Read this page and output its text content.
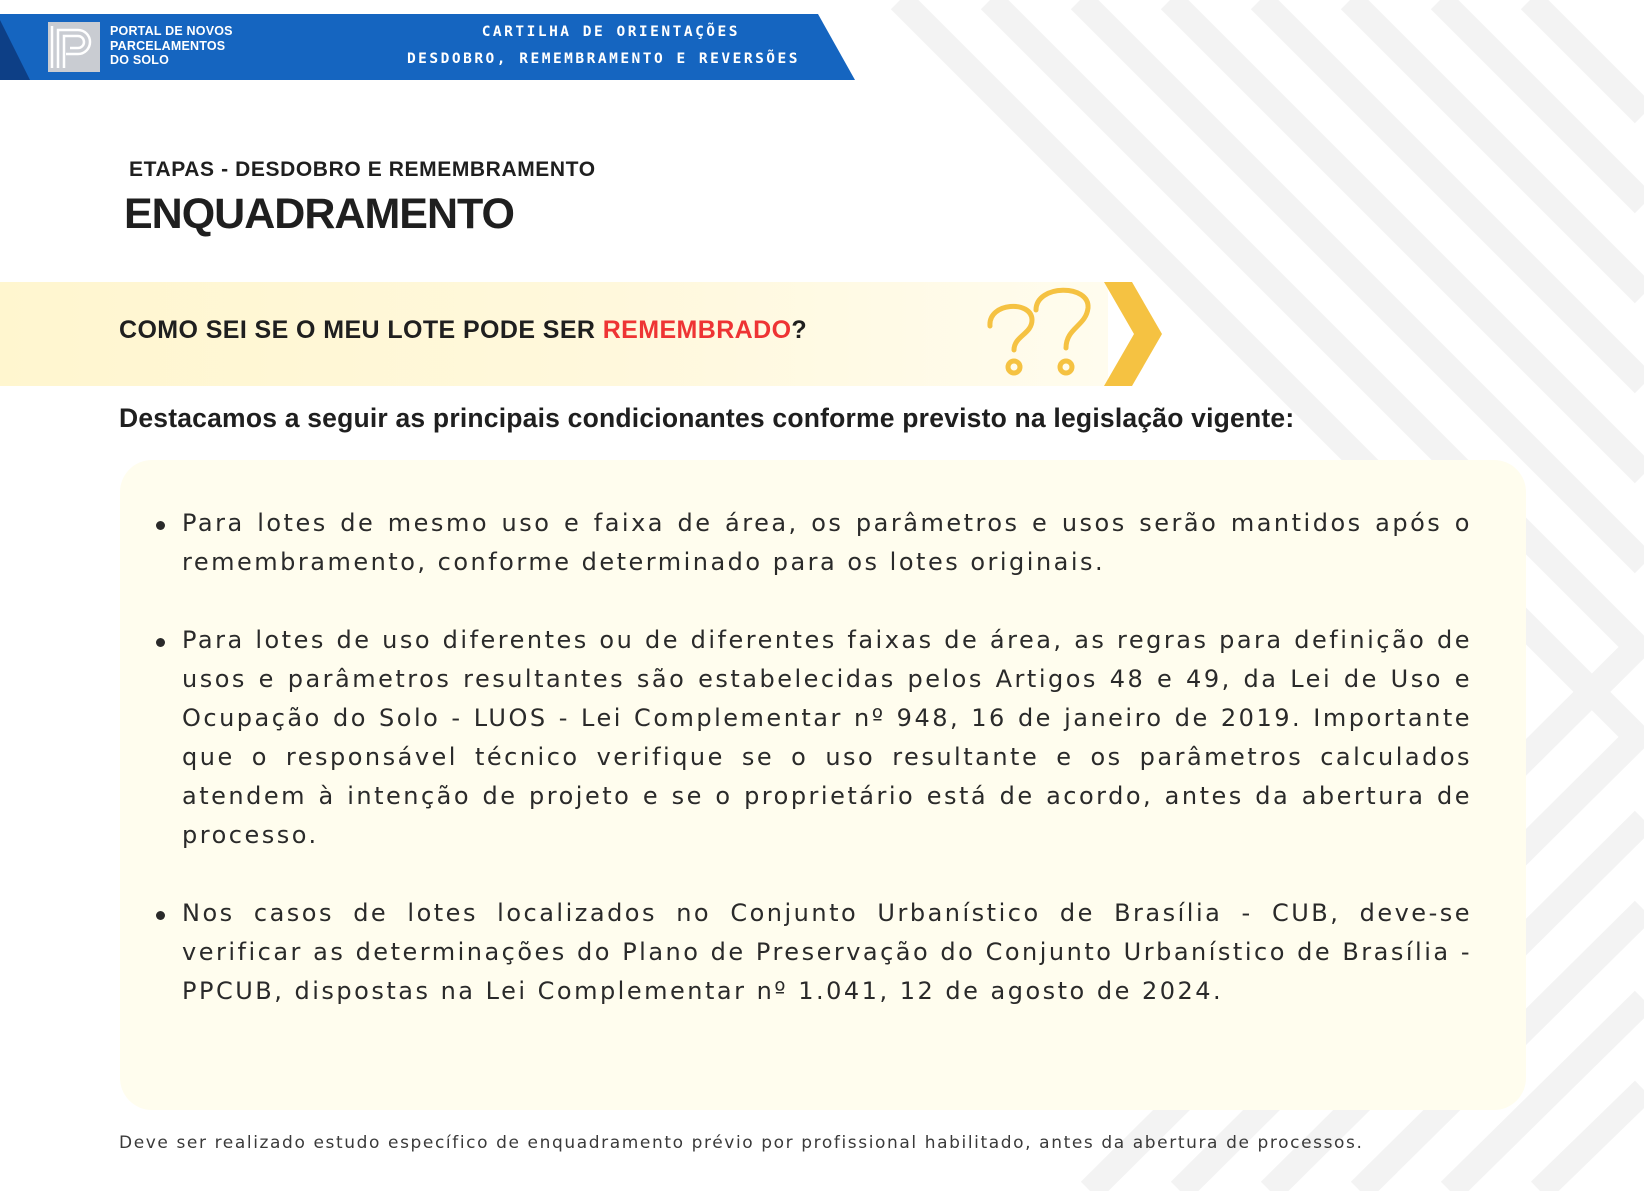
PORTAL DE NOVOS
PARCELAMENTOS
DO SOLO
CARTILHA DE ORIENTAÇÕES
DESDOBRO, REMEMBRAMENTO E REVERSÕES
ETAPAS - DESDOBRO E REMEMBRAMENTO
ENQUADRAMENTO
COMO SEI SE O MEU LOTE PODE SER REMEMBRADO?
Destacamos a seguir as principais condicionantes conforme previsto na legislação vigente:
Para lotes de mesmo uso e faixa de área, os parâmetros e usos serão mantidos após o remembramento, conforme determinado para os lotes originais.
Para lotes de uso diferentes ou de diferentes faixas de área, as regras para definição de usos e parâmetros resultantes são estabelecidas pelos Artigos 48 e 49, da Lei de Uso e Ocupação do Solo - LUOS - Lei Complementar nº 948, 16 de janeiro de 2019. Importante que o responsável técnico verifique se o uso resultante e os parâmetros calculados atendem à intenção de projeto e se o proprietário está de acordo, antes da abertura de processo.
Nos casos de lotes localizados no Conjunto Urbanístico de Brasília - CUB, deve-se verificar as determinações do Plano de Preservação do Conjunto Urbanístico de Brasília - PPCUB, dispostas na Lei Complementar nº 1.041, 12 de agosto de 2024.
Deve ser realizado estudo específico de enquadramento prévio por profissional habilitado, antes da abertura de processos.
